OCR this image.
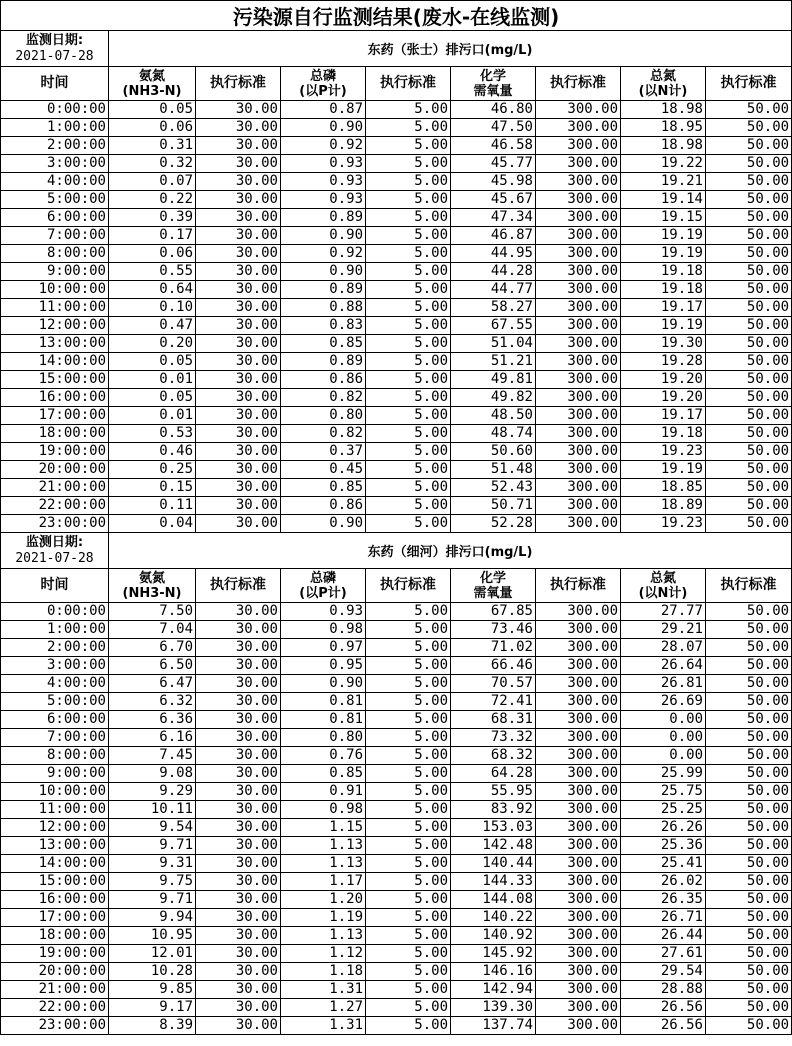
污染源自行监测结果(废水-在线监测)								

监测日期:
2021-07-28	东药（张士）排污口(mg/L)							

时间	氨氮
(NH3-N)	执行标准	总磷
(以P计)	执行标准	化学
需氧量	执行标准	总氮
(以N计)	执行标准

0:00:00	0.05	30.00	0.87	5.00	46.80	300.00	18.98	50.00
1:00:00	0.06	30.00	0.90	5.00	47.50	300.00	18.95	50.00
2:00:00	0.31	30.00	0.92	5.00	46.58	300.00	18.98	50.00
3:00:00	0.32	30.00	0.93	5.00	45.77	300.00	19.22	50.00
4:00:00	0.07	30.00	0.93	5.00	45.98	300.00	19.21	50.00
5:00:00	0.22	30.00	0.93	5.00	45.67	300.00	19.14	50.00
6:00:00	0.39	30.00	0.89	5.00	47.34	300.00	19.15	50.00
7:00:00	0.17	30.00	0.90	5.00	46.87	300.00	19.19	50.00
8:00:00	0.06	30.00	0.92	5.00	44.95	300.00	19.19	50.00
9:00:00	0.55	30.00	0.90	5.00	44.28	300.00	19.18	50.00
10:00:00	0.64	30.00	0.89	5.00	44.77	300.00	19.18	50.00
11:00:00	0.10	30.00	0.88	5.00	58.27	300.00	19.17	50.00
12:00:00	0.47	30.00	0.83	5.00	67.55	300.00	19.19	50.00
13:00:00	0.20	30.00	0.85	5.00	51.04	300.00	19.30	50.00
14:00:00	0.05	30.00	0.89	5.00	51.21	300.00	19.28	50.00
15:00:00	0.01	30.00	0.86	5.00	49.81	300.00	19.20	50.00
16:00:00	0.05	30.00	0.82	5.00	49.82	300.00	19.20	50.00
17:00:00	0.01	30.00	0.80	5.00	48.50	300.00	19.17	50.00
18:00:00	0.53	30.00	0.82	5.00	48.74	300.00	19.18	50.00
19:00:00	0.46	30.00	0.37	5.00	50.60	300.00	19.23	50.00
20:00:00	0.25	30.00	0.45	5.00	51.48	300.00	19.19	50.00
21:00:00	0.15	30.00	0.85	5.00	52.43	300.00	18.85	50.00
22:00:00	0.11	30.00	0.86	5.00	50.71	300.00	18.89	50.00
23:00:00	0.04	30.00	0.90	5.00	52.28	300.00	19.23	50.00

监测日期:
2021-07-28	东药（细河）排污口(mg/L)							

时间	氨氮
(NH3-N)	执行标准	总磷
(以P计)	执行标准	化学
需氧量	执行标准	总氮
(以N计)	执行标准

0:00:00	7.50	30.00	0.93	5.00	67.85	300.00	27.77	50.00
1:00:00	7.04	30.00	0.98	5.00	73.46	300.00	29.21	50.00
2:00:00	6.70	30.00	0.97	5.00	71.02	300.00	28.07	50.00
3:00:00	6.50	30.00	0.95	5.00	66.46	300.00	26.64	50.00
4:00:00	6.47	30.00	0.90	5.00	70.57	300.00	26.81	50.00
5:00:00	6.32	30.00	0.81	5.00	72.41	300.00	26.69	50.00
6:00:00	6.36	30.00	0.81	5.00	68.31	300.00	0.00	50.00
7:00:00	6.16	30.00	0.80	5.00	73.32	300.00	0.00	50.00
8:00:00	7.45	30.00	0.76	5.00	68.32	300.00	0.00	50.00
9:00:00	9.08	30.00	0.85	5.00	64.28	300.00	25.99	50.00
10:00:00	9.29	30.00	0.91	5.00	55.95	300.00	25.75	50.00
11:00:00	10.11	30.00	0.98	5.00	83.92	300.00	25.25	50.00
12:00:00	9.54	30.00	1.15	5.00	153.03	300.00	26.26	50.00
13:00:00	9.71	30.00	1.13	5.00	142.48	300.00	25.36	50.00
14:00:00	9.31	30.00	1.13	5.00	140.44	300.00	25.41	50.00
15:00:00	9.75	30.00	1.17	5.00	144.33	300.00	26.02	50.00
16:00:00	9.71	30.00	1.20	5.00	144.08	300.00	26.35	50.00
17:00:00	9.94	30.00	1.19	5.00	140.22	300.00	26.71	50.00
18:00:00	10.95	30.00	1.13	5.00	140.92	300.00	26.44	50.00
19:00:00	12.01	30.00	1.12	5.00	145.92	300.00	27.61	50.00
20:00:00	10.28	30.00	1.18	5.00	146.16	300.00	29.54	50.00
21:00:00	9.85	30.00	1.31	5.00	142.94	300.00	28.88	50.00
22:00:00	9.17	30.00	1.27	5.00	139.30	300.00	26.56	50.00
23:00:00	8.39	30.00	1.31	5.00	137.74	300.00	26.56	50.00
